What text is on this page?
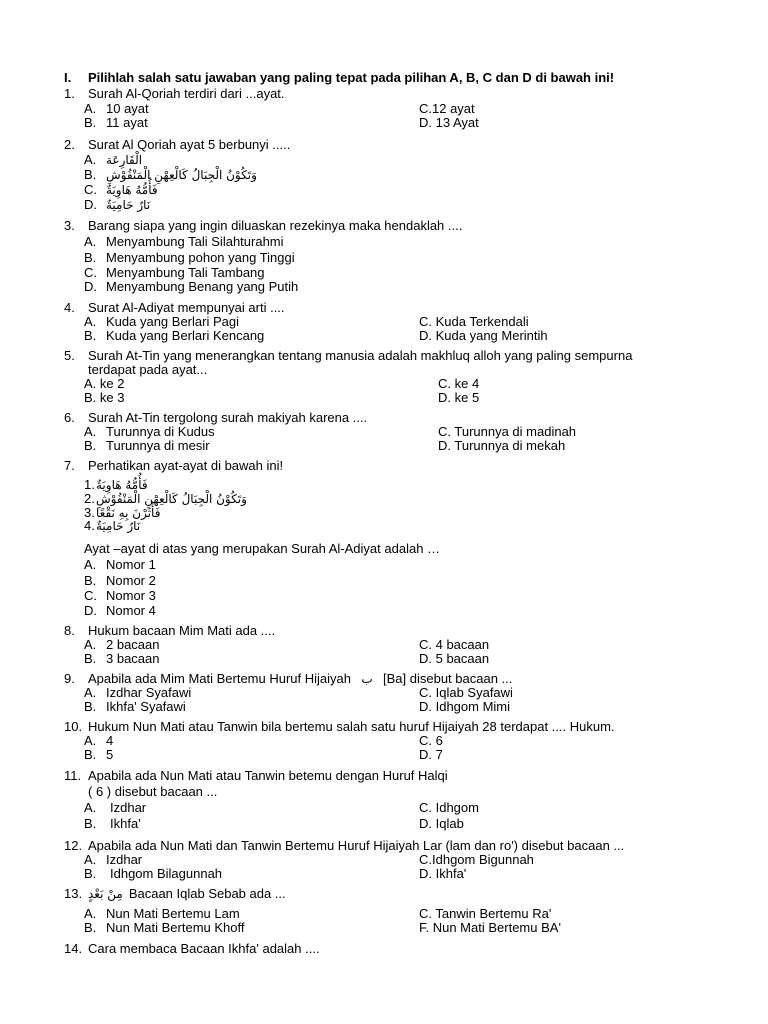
I. Pilihlah salah satu jawaban yang paling tepat pada pilihan A, B, C dan D di bawah ini!
1. Surah Al-Qoriah terdiri dari ...ayat.
A. 10 ayat
B. 11 ayat
C.12 ayat
D. 13 Ayat
2. Surat Al Qoriah ayat 5 berbunyi .....
A. الْقَارِعَة
B. وَتَكُوْنُ الْجِبَالُ كَالْعِهْنِ الْمَنْفُوْشِ
C. فَأُمُّهُ هَاوِيَةٌ
D. نَارٌ حَامِيَةٌ
3. Barang siapa yang ingin diluaskan rezekinya maka hendaklah ....
A. Menyambung Tali Silahturahmi
B. Menyambung pohon yang Tinggi
C. Menyambung Tali Tambang
D. Menyambung Benang yang Putih
4. Surat Al-Adiyat mempunyai arti ....
A. Kuda yang Berlari Pagi
B. Kuda yang Berlari Kencang
C. Kuda Terkendali
D. Kuda yang Merintih
5. Surah At-Tin yang menerangkan tentang manusia adalah makhluq alloh yang paling sempurna
terdapat pada ayat...
A. ke 2
B. ke 3
C. ke 4
D. ke 5
6. Surah At-Tin tergolong surah makiyah karena ....
A. Turunnya di Kudus
B. Turunnya di mesir
C. Turunnya di madinah
D. Turunnya di mekah
7. Perhatikan ayat-ayat di bawah ini!
1.فَأُمُّهُ هَاوِيَةٌ
2.وَتَكُوْنُ الْجِبَالُ كَالْعِهْنِ الْمَنْفُوْشِ
3.فَأَثَرْنَ بِهِ نَقْعًا
4.نَارٌ حَامِيَةٌ
Ayat –ayat di atas yang merupakan Surah Al-Adiyat adalah …
A. Nomor 1
B. Nomor 2
C. Nomor 3
D. Nomor 4
8. Hukum bacaan Mim Mati ada ....
A. 2 bacaan
B. 3 bacaan
C. 4 bacaan
D. 5 bacaan
9. Apabila ada Mim Mati Bertemu Huruf Hijaiyah ب [Ba] disebut bacaan ...
A. Izdhar Syafawi
B. Ikhfa' Syafawi
C. Iqlab Syafawi
D. Idhgom Mimi
10. Hukum Nun Mati atau Tanwin bila bertemu salah satu huruf Hijaiyah 28 terdapat .... Hukum.
A. 4
B. 5
C. 6
D. 7
11. Apabila ada Nun Mati atau Tanwin betemu dengan Huruf Halqi
( 6 ) disebut bacaan ...
A. Izdhar
B. Ikhfa'
C. Idhgom
D. Iqlab
12. Apabila ada Nun Mati dan Tanwin Bertemu Huruf Hijaiyah Lar (lam dan ro') disebut bacaan ...
A. Izdhar
B. Idhgom Bilagunnah
C.Idhgom Bigunnah
D. Ikhfa'
13. مِنْ بَعْدٍ Bacaan Iqlab Sebab ada ...
A. Nun Mati Bertemu Lam
B. Nun Mati Bertemu Khoff
C. Tanwin Bertemu Ra'
F. Nun Mati Bertemu BA'
14. Cara membaca Bacaan Ikhfa' adalah ....
